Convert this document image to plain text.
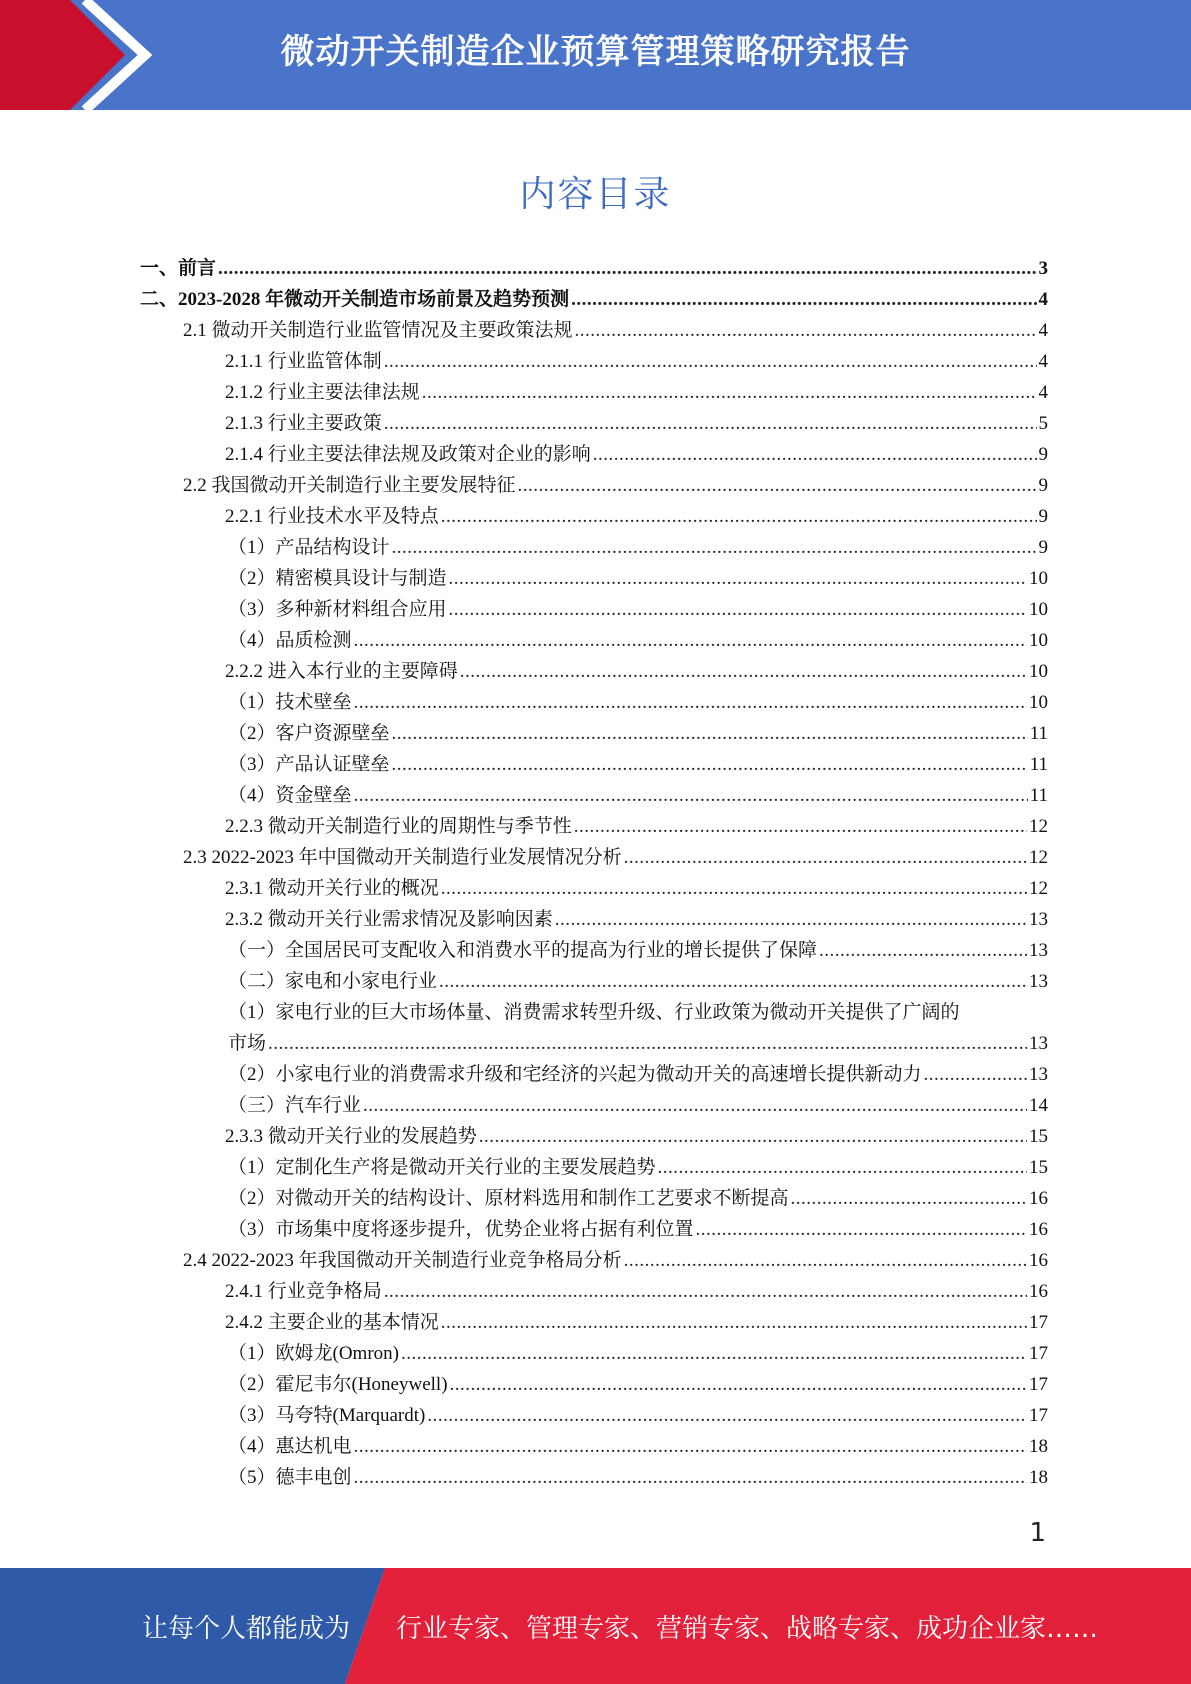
微动开关制造企业预算管理策略研究报告
内容目录
一、前言 .....	3
二、2023-2028 年微动开关制造市场前景及趋势预测 .....	4
2.1 微动开关制造行业监管情况及主要政策法规 .....	4
2.1.1 行业监管体制 .....	4
2.1.2 行业主要法律法规 .....	4
2.1.3 行业主要政策 .....	5
2.1.4 行业主要法律法规及政策对企业的影响 .....	9
2.2 我国微动开关制造行业主要发展特征 .....	9
2.2.1 行业技术水平及特点 .....	9
（1）产品结构设计 .....	9
（2）精密模具设计与制造 .....	10
（3）多种新材料组合应用 .....	10
（4）品质检测 .....	10
2.2.2 进入本行业的主要障碍 .....	10
（1）技术壁垒 .....	10
（2）客户资源壁垒 .....	11
（3）产品认证壁垒 .....	11
（4）资金壁垒 .....	11
2.2.3 微动开关制造行业的周期性与季节性 .....	12
2.3 2022-2023 年中国微动开关制造行业发展情况分析 .....	12
2.3.1 微动开关行业的概况 .....	12
2.3.2 微动开关行业需求情况及影响因素 .....	13
（一）全国居民可支配收入和消费水平的提高为行业的增长提供了保障 .....	13
（二）家电和小家电行业 .....	13
（1）家电行业的巨大市场体量、消费需求转型升级、行业政策为微动开关提供了广阔的
市场 .....	13
（2）小家电行业的消费需求升级和宅经济的兴起为微动开关的高速增长提供新动力 .....	13
（三）汽车行业 .....	14
2.3.3 微动开关行业的发展趋势 .....	15
（1）定制化生产将是微动开关行业的主要发展趋势 .....	15
（2）对微动开关的结构设计、原材料选用和制作工艺要求不断提高 .....	16
（3）市场集中度将逐步提升，优势企业将占据有利位置 .....	16
2.4 2022-2023 年我国微动开关制造行业竞争格局分析 .....	16
2.4.1 行业竞争格局 .....	16
2.4.2 主要企业的基本情况 .....	17
（1）欧姆龙(Omron) .....	17
（2）霍尼韦尔(Honeywell) .....	17
（3）马夸特(Marquardt) .....	17
（4）惠达机电 .....	18
（5）德丰电创 .....	18
1
让每个人都能成为 行业专家、管理专家、营销专家、战略专家、成功企业家……
